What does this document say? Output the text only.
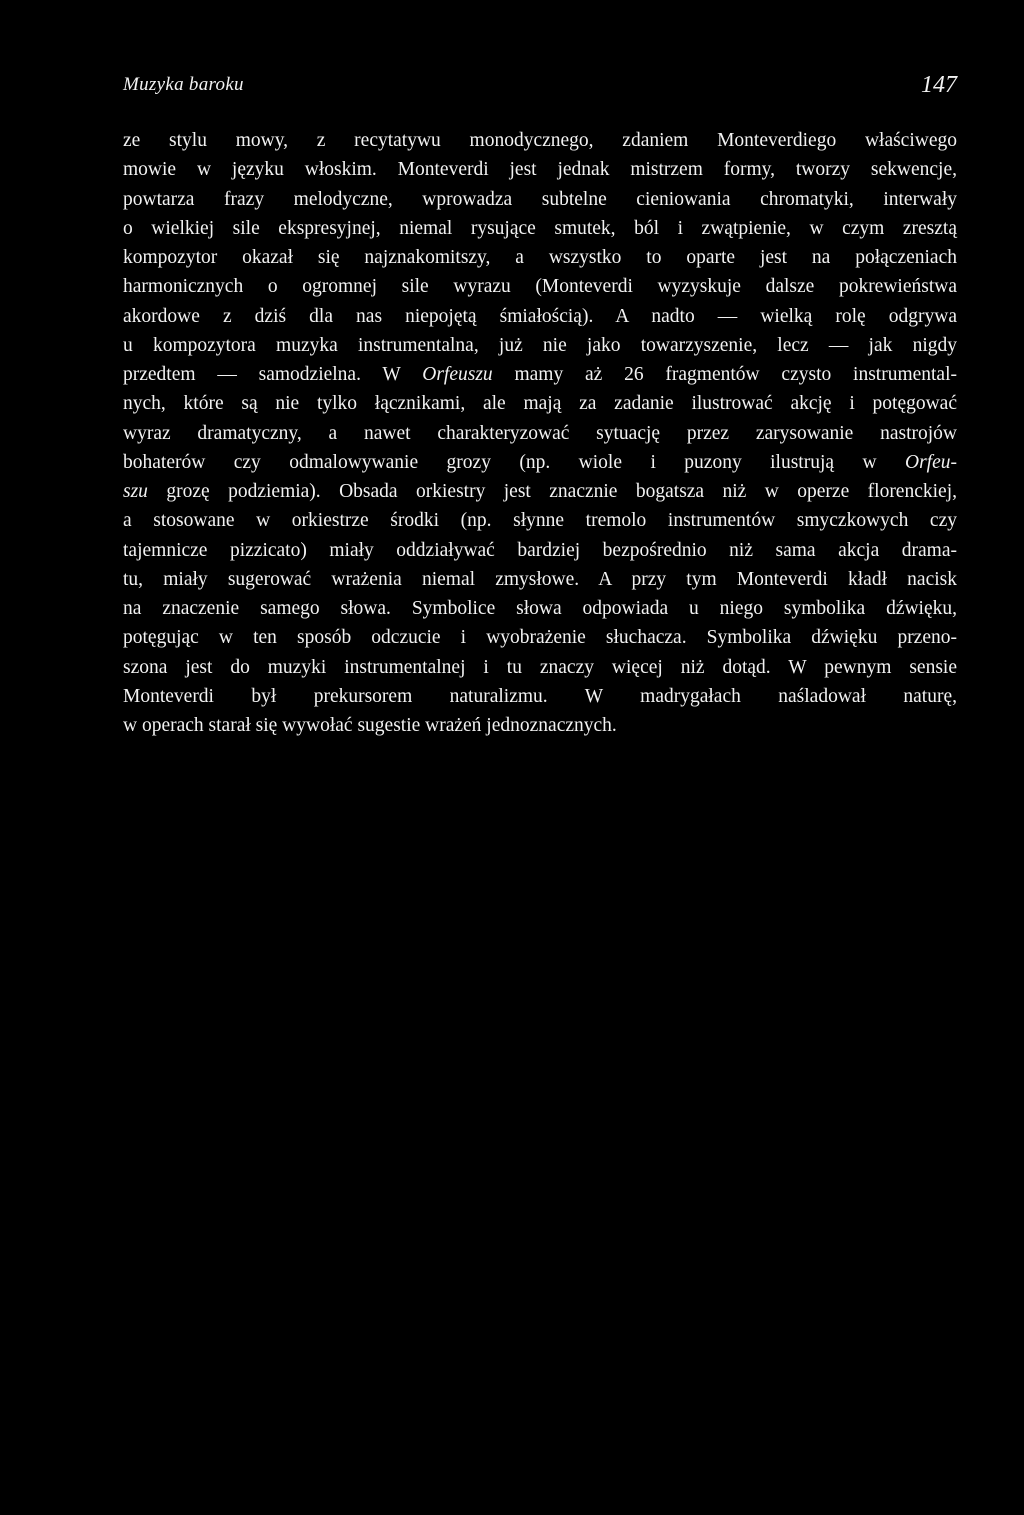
Muzyka baroku	147
ze stylu mowy, z recytatywu monodycznego, zdaniem Monteverdiego właściwego
mowie w języku włoskim. Monteverdi jest jednak mistrzem formy, tworzy sekwencje,
powtarza frazy melodyczne, wprowadza subtelne cieniowania chromatyki, interwały
o wielkiej sile ekspresyjnej, niemal rysujące smutek, ból i zwątpienie, w czym zresztą
kompozytor okazał się najznakomitszy, a wszystko to oparte jest na połączeniach
harmonicznych o ogromnej sile wyrazu (Monteverdi wyzyskuje dalsze pokrewieństwa
akordowe z dziś dla nas niepojętą śmiałością). A nadto — wielką rolę odgrywa
u kompozytora muzyka instrumentalna, już nie jako towarzyszenie, lecz — jak nigdy
przedtem — samodzielna. W Orfeuszu mamy aż 26 fragmentów czysto instrumental-
nych, które są nie tylko łącznikami, ale mają za zadanie ilustrować akcję i potęgować
wyraz dramatyczny, a nawet charakteryzować sytuację przez zarysowanie nastrojów
bohaterów czy odmalowywanie grozy (np. wiole i puzony ilustrują w Orfeu-
szu grozę podziemia). Obsada orkiestry jest znacznie bogatsza niż w operze florenckiej,
a stosowane w orkiestrze środki (np. słynne tremolo instrumentów smyczkowych czy
tajemnicze pizzicato) miały oddziaływać bardziej bezpośrednio niż sama akcja drama-
tu, miały sugerować wrażenia niemal zmysłowe. A przy tym Monteverdi kładł nacisk
na znaczenie samego słowa. Symbolice słowa odpowiada u niego symbolika dźwięku,
potęgując w ten sposób odczucie i wyobrażenie słuchacza. Symbolika dźwięku przeno-
szona jest do muzyki instrumentalnej i tu znaczy więcej niż dotąd. W pewnym sensie
Monteverdi był prekursorem naturalizmu. W madrygałach naśladował naturę,
w operach starał się wywołać sugestie wrażeń jednoznacznych.
